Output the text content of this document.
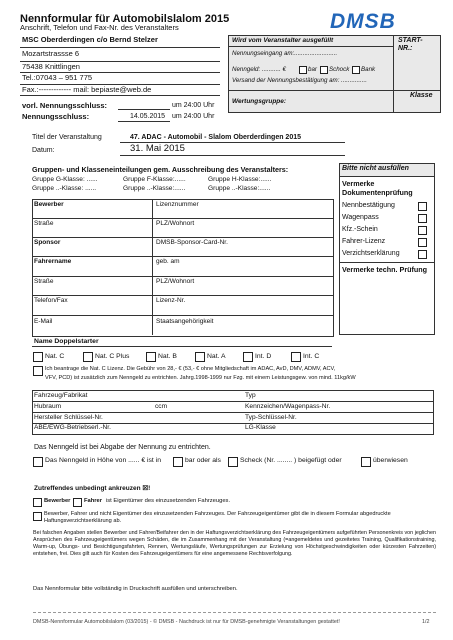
Nennformular für Automobilslalom 2015	DMSB
Anschrift, Telefon und Fax-Nr. des Veranstalters
MSC Oberderdingen c/o Bernd Stelzer
Mozartstrassse 6
75438 Knittlingen
Tel.:07043 – 951 775
Fax.:------------- mail: bepiaste@web.de
vorl. Nennungsschluss:	um 24:00 Uhr
Nennungsschluss:	14.05.2015 um 24:00 Uhr
Wird vom Veranstalter ausgefüllt
Nennungseingang am:.........................
Nenngeld: ........... €	bar Schock Bank
Versand der Nennungsbestätigung am: ...............
Wertungsgruppe:
START-
NR.:
Klasse
Titel der Veranstaltung	47. ADAC - Automobil - Slalom Oberderdingen 2015
Datum:	31. Mai 2015
Gruppen- und Klasseneinteilungen gem. Ausschreibung des Veranstalters:
Gruppe G-Klasse: ......	Gruppe F-Klasse:......	Gruppe H-Klasse:......
Gruppe ..-Klasse: ......	Gruppe ..-Klasse:......	Gruppe ..-Klasse:......
Bitte nicht ausfüllen
Vermerke Dokumentenprüfung
Nennbestätigung
Wagenpass
Kfz.-Schein
Fahrer-Lizenz
Verzichtserklärung
Vermerke techn. Prüfung
Bewerber	Lizenznummer
Straße	PLZ/Wohnort
Sponsor	DMSB-Sponsor-Card-Nr.
Fahrername	geb. am
Straße	PLZ/Wohnort
Telefon/Fax	Lizenz-Nr.
E-Mail	Staatsangehörigkeit
Name Doppelstarter
Nat. C	Nat. C Plus	Nat. B	Nat. A	Int. D	Int. C
Ich beantrage die Nat. C Lizenz. Die Gebühr von 28,- € (53,- € ohne Mitgliedschaft im ADAC, AvD, DMV, ADMV, ACV,
VFV, PCD) ist zusätzlich zum Nenngeld zu entrichten. Jahrg.1998-1999 nur Fzg. mit einem Leistungsgew. von mind. 11kg/kW
Fahrzeug/Fabrikat	Typ
Hubraum	ccm	Kennzeichen/Wagenpass-Nr.
Hersteller Schlüssel-Nr.	Typ-Schlüssel-Nr.
ABE/EWG-Betriebserl.-Nr.	LG-Klasse
Das Nenngeld ist bei Abgabe der Nennung zu entrichten.
Das Nenngeld in Höhe von ...... € ist in	bar oder als	Scheck (Nr. ........ ) beigefügt oder	überwiesen
Zutreffendes unbedingt ankreuzen ☒!
Bewerber Fahrer ist Eigentümer des einzusetzenden Fahrzeuges.
Bewerber, Fahrer und nicht Eigentümer des einzusetzenden Fahrzeuges. Der Fahrzeugeigentümer gibt die in diesem Formular abgedruckte Haftungsverzichtserklärung ab.
Bei falschen Angaben stellen Bewerber und Fahrer/Beifahrer den in der Haftungsverzichtserklärung des Fahrzeugeigentümers aufgeführten Personenkreis von jeglichen Ansprüchen des Fahrzeugeigentümers wegen Schäden, die im Zusammenhang mit der Veranstaltung (=angemeldetes und gezeitetes Training, Qualifikationstraining, Warm-up, Übungs- und Besichtigungsfahrten, Rennen, Wertungsläufe, Wertungsprüfungen zur Erzielung von Höchstgeschwindigkeiten oder kürzesten Fahrzeiten) entstehen, frei. Dies gilt auch für Kosten des Fahrzeugeigentümers für eine angemessene Rechtsverfolgung.
Das Nennformular bitte vollständig in Druckschrift ausfüllen und unterschreiben.
DMSB-Nennformular Automobilslalom (03/2015) - © DMSB - Nachdruck ist nur für DMSB-genehmigte Veranstaltungen gestattet!	1/2
